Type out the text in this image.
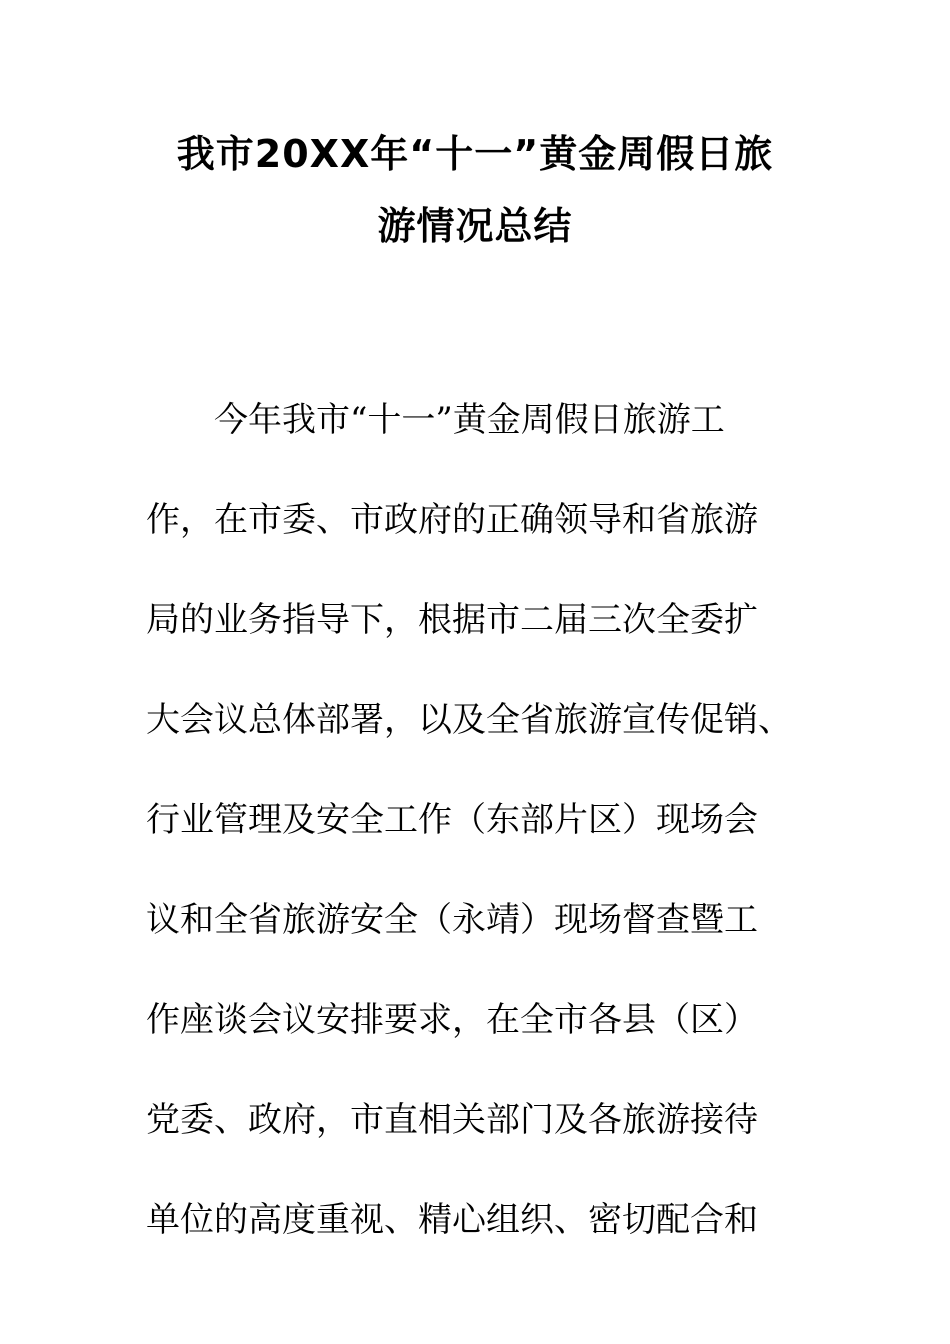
我市20XX年“十一”黄金周假日旅
游情况总结
今年我市“十一”黄金周假日旅游工
作，在市委、市政府的正确领导和省旅游
局的业务指导下，根据市二届三次全委扩
大会议总体部署，以及全省旅游宣传促销、
行业管理及安全工作（东部片区）现场会
议和全省旅游安全（永靖）现场督查暨工
作座谈会议安排要求，在全市各县（区）
党委、政府，市直相关部门及各旅游接待
单位的高度重视、精心组织、密切配合和
